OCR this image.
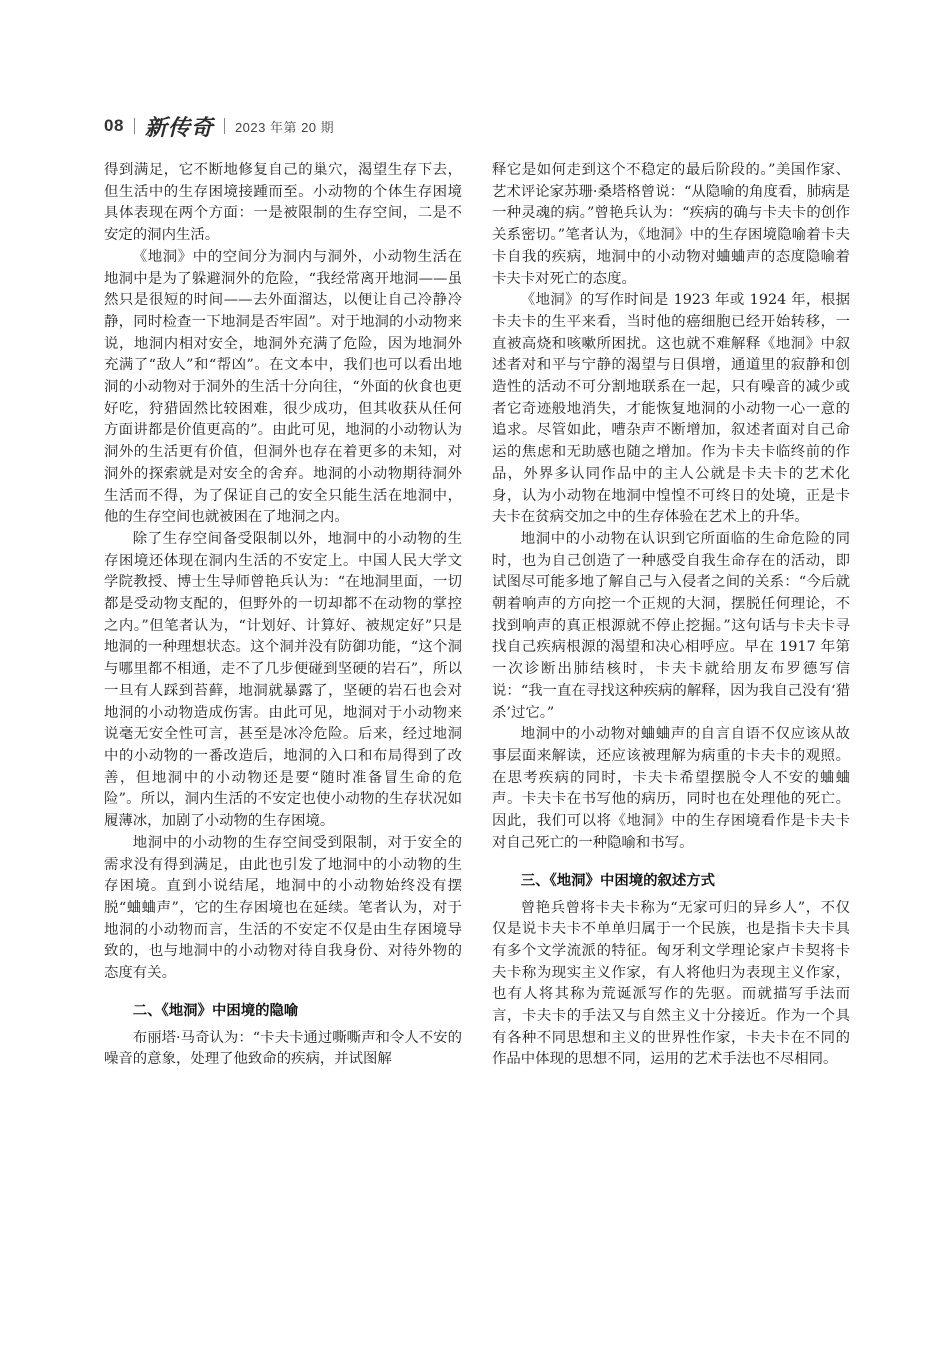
08 新传奇 2023 年第 20 期

得到满足，它不断地修复自己的巢穴，渴望生存下去，但生活中的生存困境接踵而至。小动物的个体生存困境具体表现在两个方面：一是被限制的生存空间，二是不安定的洞内生活。

《地洞》中的空间分为洞内与洞外，小动物生活在地洞中是为了躲避洞外的危险，“我经常离开地洞——虽然只是很短的时间——去外面溜达，以便让自己冷静冷静，同时检查一下地洞是否牢固”。对于地洞的小动物来说，地洞内相对安全，地洞外充满了危险，因为地洞外充满了“敌人”和“帮凶”。在文本中，我们也可以看出地洞的小动物对于洞外的生活十分向往，“外面的伙食也更好吃，狩猎固然比较困难，很少成功，但其收获从任何方面讲都是价值更高的”。由此可见，地洞的小动物认为洞外的生活更有价值，但洞外也存在着更多的未知，对洞外的探索就是对安全的舍弃。地洞的小动物期待洞外生活而不得，为了保证自己的安全只能生活在地洞中，他的生存空间也就被困在了地洞之内。

除了生存空间备受限制以外，地洞中的小动物的生存困境还体现在洞内生活的不安定上。中国人民大学文学院教授、博士生导师曾艳兵认为：“在地洞里面，一切都是受动物支配的，但野外的一切却都不在动物的掌控之内。”但笔者认为，“计划好、计算好、被规定好”只是地洞的一种理想状态。这个洞并没有防御功能，“这个洞与哪里都不相通，走不了几步便碰到坚硬的岩石”，所以一旦有人踩到苔藓，地洞就暴露了，坚硬的岩石也会对地洞的小动物造成伤害。由此可见，地洞对于小动物来说毫无安全性可言，甚至是冰冷危险。后来，经过地洞中的小动物的一番改造后，地洞的入口和布局得到了改善，但地洞中的小动物还是要“随时准备冒生命的危险”。所以，洞内生活的不安定也使小动物的生存状况如履薄冰，加剧了小动物的生存困境。

地洞中的小动物的生存空间受到限制，对于安全的需求没有得到满足，由此也引发了地洞中的小动物的生存困境。直到小说结尾，地洞中的小动物始终没有摆脱“蛐蛐声”，它的生存困境也在延续。笔者认为，对于地洞的小动物而言，生活的不安定不仅是由生存困境导致的，也与地洞中的小动物对待自我身份、对待外物的态度有关。

二、《地洞》中困境的隐喻

布丽塔·马奇认为：“卡夫卡通过嘶嘶声和令人不安的噪音的意象，处理了他致命的疾病，并试图解

释它是如何走到这个不稳定的最后阶段的。”美国作家、艺术评论家苏珊·桑塔格曾说：“从隐喻的角度看，肺病是一种灵魂的病。”曾艳兵认为：“疾病的确与卡夫卡的创作关系密切。”笔者认为，《地洞》中的生存困境隐喻着卡夫卡自我的疾病，地洞中的小动物对蛐蛐声的态度隐喻着卡夫卡对死亡的态度。

《地洞》的写作时间是 1923 年或 1924 年，根据卡夫卡的生平来看，当时他的癌细胞已经开始转移，一直被高烧和咳嗽所困扰。这也就不难解释《地洞》中叙述者对和平与宁静的渴望与日俱增，通道里的寂静和创造性的活动不可分割地联系在一起，只有噪音的减少或者它奇迹般地消失，才能恢复地洞的小动物一心一意的追求。尽管如此，嘈杂声不断增加，叙述者面对自己命运的焦虑和无助感也随之增加。作为卡夫卡临终前的作品，外界多认同作品中的主人公就是卡夫卡的艺术化身，认为小动物在地洞中惶惶不可终日的处境，正是卡夫卡在贫病交加之中的生存体验在艺术上的升华。

地洞中的小动物在认识到它所面临的生命危险的同时，也为自己创造了一种感受自我生命存在的活动，即试图尽可能多地了解自己与入侵者之间的关系：“今后就朝着响声的方向挖一个正规的大洞，摆脱任何理论，不找到响声的真正根源就不停止挖掘。”这句话与卡夫卡寻找自己疾病根源的渴望和决心相呼应。早在 1917 年第一次诊断出肺结核时，卡夫卡就给朋友布罗德写信说：“我一直在寻找这种疾病的解释，因为我自己没有‘猎杀’过它。”

地洞中的小动物对蛐蛐声的自言自语不仅应该从故事层面来解读，还应该被理解为病重的卡夫卡的观照。在思考疾病的同时，卡夫卡希望摆脱令人不安的蛐蛐声。卡夫卡在书写他的病历，同时也在处理他的死亡。因此，我们可以将《地洞》中的生存困境看作是卡夫卡对自己死亡的一种隐喻和书写。

三、《地洞》中困境的叙述方式

曾艳兵曾将卡夫卡称为“无家可归的异乡人”，不仅仅是说卡夫卡不单单归属于一个民族，也是指卡夫卡具有多个文学流派的特征。匈牙利文学理论家卢卡契将卡夫卡称为现实主义作家，有人将他归为表现主义作家，也有人将其称为荒诞派写作的先驱。而就描写手法而言，卡夫卡的手法又与自然主义十分接近。作为一个具有各种不同思想和主义的世界性作家，卡夫卡在不同的作品中体现的思想不同，运用的艺术手法也不尽相同。
